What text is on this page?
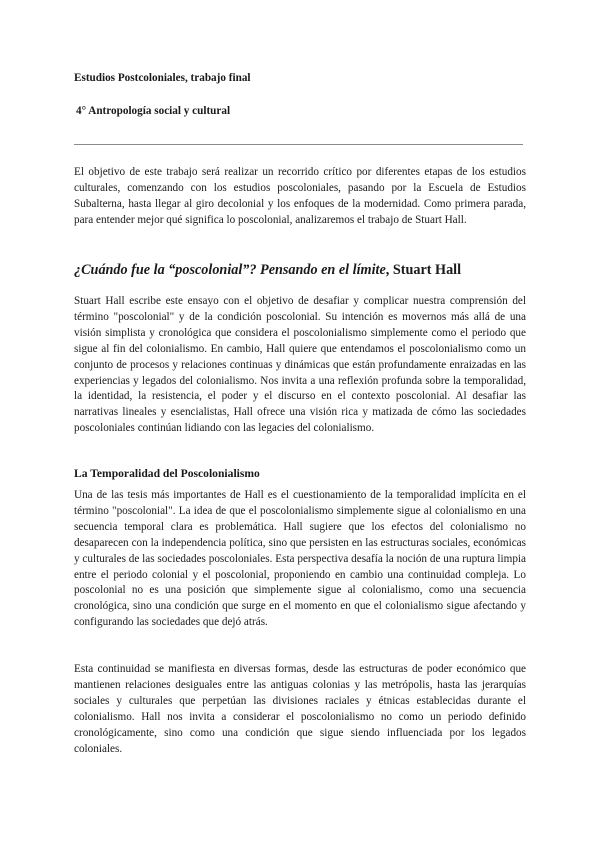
Estudios Postcoloniales, trabajo final
4° Antropología social y cultural

El objetivo de este trabajo será realizar un recorrido crítico por diferentes etapas de los estudios culturales, comenzando con los estudios poscoloniales, pasando por la Escuela de Estudios Subalterna, hasta llegar al giro decolonial y los enfoques de la modernidad. Como primera parada, para entender mejor qué significa lo poscolonial, analizaremos el trabajo de Stuart Hall.

¿Cuándo fue la “poscolonial”? Pensando en el límite, Stuart Hall

Stuart Hall escribe este ensayo con el objetivo de desafiar y complicar nuestra comprensión del término "poscolonial" y de la condición poscolonial. Su intención es movernos más allá de una visión simplista y cronológica que considera el poscolonialismo simplemente como el periodo que sigue al fin del colonialismo. En cambio, Hall quiere que entendamos el poscolonialismo como un conjunto de procesos y relaciones continuas y dinámicas que están profundamente enraizadas en las experiencias y legados del colonialismo. Nos invita a una reflexión profunda sobre la temporalidad, la identidad, la resistencia, el poder y el discurso en el contexto poscolonial. Al desafiar las narrativas lineales y esencialistas, Hall ofrece una visión rica y matizada de cómo las sociedades poscoloniales continúan lidiando con las legacies del colonialismo.

La Temporalidad del Poscolonialismo

Una de las tesis más importantes de Hall es el cuestionamiento de la temporalidad implícita en el término "poscolonial". La idea de que el poscolonialismo simplemente sigue al colonialismo en una secuencia temporal clara es problemática. Hall sugiere que los efectos del colonialismo no desaparecen con la independencia política, sino que persisten en las estructuras sociales, económicas y culturales de las sociedades poscoloniales. Esta perspectiva desafía la noción de una ruptura limpia entre el periodo colonial y el poscolonial, proponiendo en cambio una continuidad compleja. Lo poscolonial no es una posición que simplemente sigue al colonialismo, como una secuencia cronológica, sino una condición que surge en el momento en que el colonialismo sigue afectando y configurando las sociedades que dejó atrás.

Esta continuidad se manifiesta en diversas formas, desde las estructuras de poder económico que mantienen relaciones desiguales entre las antiguas colonias y las metrópolis, hasta las jerarquías sociales y culturales que perpetúan las divisiones raciales y étnicas establecidas durante el colonialismo. Hall nos invita a considerar el poscolonialismo no como un periodo definido cronológicamente, sino como una condición que sigue siendo influenciada por los legados coloniales.
